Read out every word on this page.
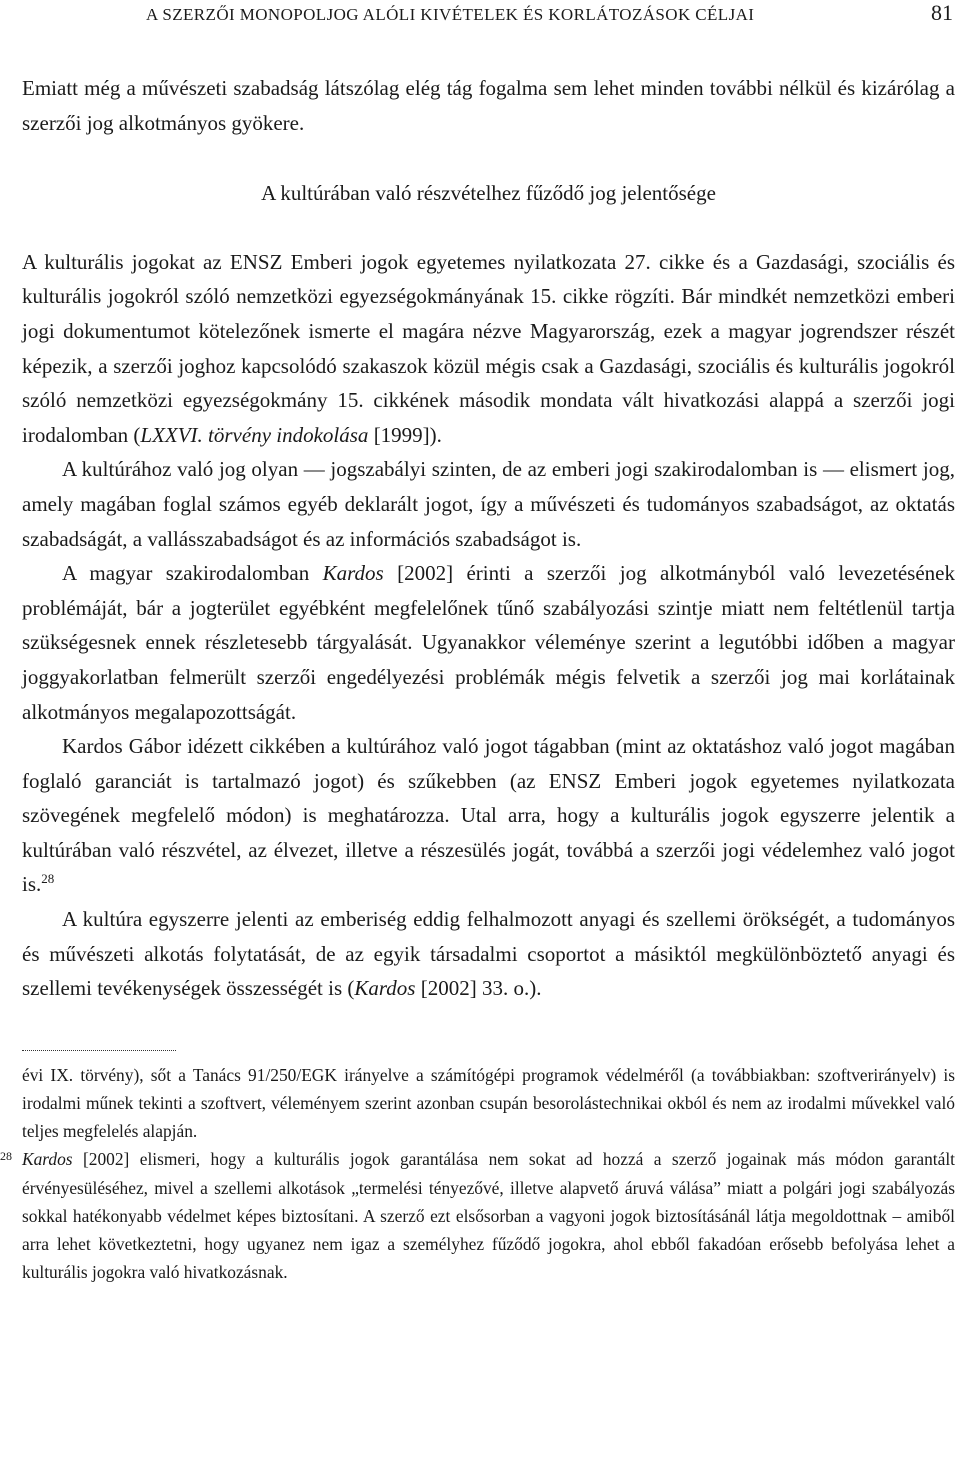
A SZERZŐI MONOPOLJOG ALÓLI KIVÉTELEK ÉS KORLÁTOZÁSOK CÉLJAI	81

Emiatt még a művészeti szabadság látszólag elég tág fogalma sem lehet minden további nélkül és kizárólag a szerzői jog alkotmányos gyökere.

A kultúrában való részvételhez fűződő jog jelentősége

A kulturális jogokat az ENSZ Emberi jogok egyetemes nyilatkozata 27. cikke és a Gazdasági, szociális és kulturális jogokról szóló nemzetközi egyezségokmányának 15. cikke rögzíti. Bár mindkét nemzetközi emberi jogi dokumentumot kötelezőnek ismerte el magára nézve Magyarország, ezek a magyar jogrendszer részét képezik, a szerzői joghoz kapcsolódó szakaszok közül mégis csak a Gazdasági, szociális és kulturális jogokról szóló nemzetközi egyezségokmány 15. cikkének második mondata vált hivatkozási alappá a szerzői jogi irodalomban (LXXVI. törvény indokolása [1999]).

A kultúrához való jog olyan — jogszabályi szinten, de az emberi jogi szakirodalomban is — elismert jog, amely magában foglal számos egyéb deklarált jogot, így a művészeti és tudományos szabadságot, az oktatás szabadságát, a vallásszabadságot és az információs szabadságot is.

A magyar szakirodalomban Kardos [2002] érinti a szerzői jog alkotmányból való levezetésének problémáját, bár a jogterület egyébként megfelelőnek tűnő szabályozási szintje miatt nem feltétlenül tartja szükségesnek ennek részletesebb tárgyalását. Ugyanakkor véleménye szerint a legutóbbi időben a magyar joggyakorlatban felmerült szerzői engedélyezési problémák mégis felvetik a szerzői jog mai korlátainak alkotmányos megalapozottságát.

Kardos Gábor idézett cikkében a kultúrához való jogot tágabban (mint az oktatáshoz való jogot magában foglaló garanciát is tartalmazó jogot) és szűkebben (az ENSZ Emberi jogok egyetemes nyilatkozata szövegének megfelelő módon) is meghatározza. Utal arra, hogy a kulturális jogok egyszerre jelentik a kultúrában való részvétel, az élvezet, illetve a részesülés jogát, továbbá a szerzői jogi védelemhez való jogot is.$^{28}$

A kultúra egyszerre jelenti az emberiség eddig felhalmozott anyagi és szellemi örökségét, a tudományos és művészeti alkotás folytatását, de az egyik társadalmi csoportot a másiktól megkülönböztető anyagi és szellemi tevékenységek összességét is (Kardos [2002] 33. o.).

évi IX. törvény), sőt a Tanács 91/250/EGK irányelve a számítógépi programok védelméről (a továbbiakban: szoftverirányelv) is irodalmi műnek tekinti a szoftvert, véleményem szerint azonban csupán besorolástechnikai okból és nem az irodalmi művekkel való teljes megfelelés alapján.

28 Kardos [2002] elismeri, hogy a kulturális jogok garantálása nem sokat ad hozzá a szerző jogainak más módon garantált érvényesüléséhez, mivel a szellemi alkotások „termelési tényezővé, illetve alapvető áruvá válása” miatt a polgári jogi szabályozás sokkal hatékonyabb védelmet képes biztosítani. A szerző ezt elsősorban a vagyoni jogok biztosításánál látja megoldottnak – amiből arra lehet következtetni, hogy ugyanez nem igaz a személyhez fűződő jogokra, ahol ebből fakadóan erősebb befolyása lehet a kulturális jogokra való hivatkozásnak.
